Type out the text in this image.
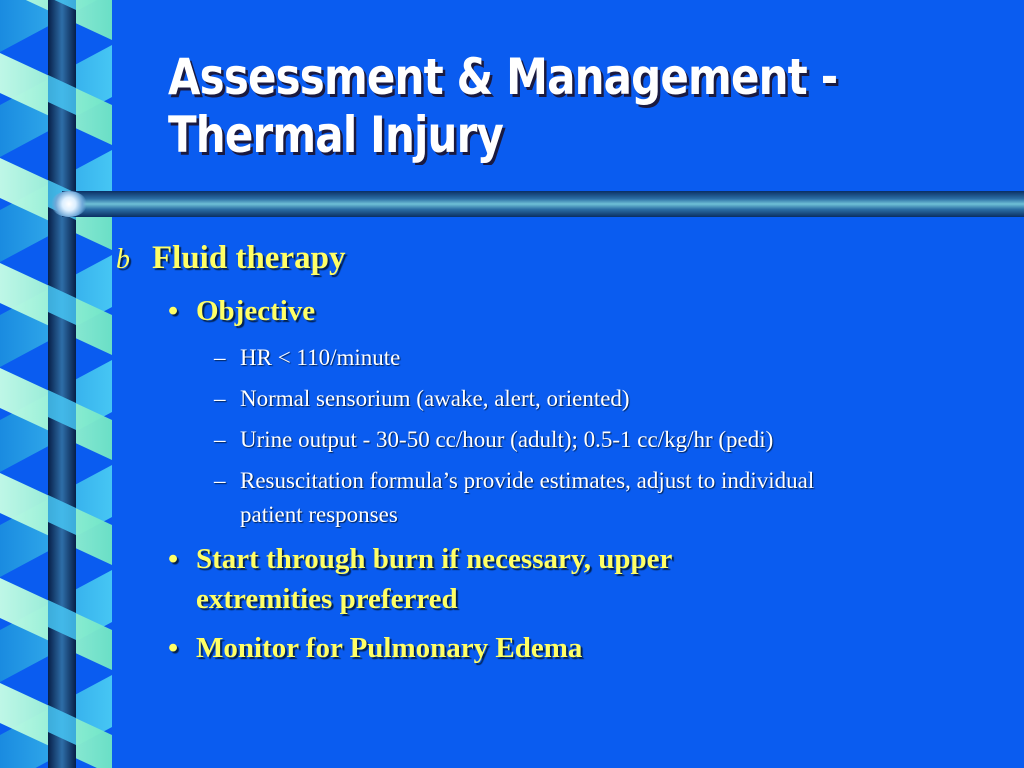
Assessment & Management -
Thermal Injury
b Fluid therapy
• Objective
– HR < 110/minute
– Normal sensorium (awake, alert, oriented)
– Urine output - 30-50 cc/hour (adult); 0.5-1 cc/kg/hr (pedi)
– Resuscitation formula’s provide estimates, adjust to individual
patient responses
• Start through burn if necessary, upper
extremities preferred
• Monitor for Pulmonary Edema
